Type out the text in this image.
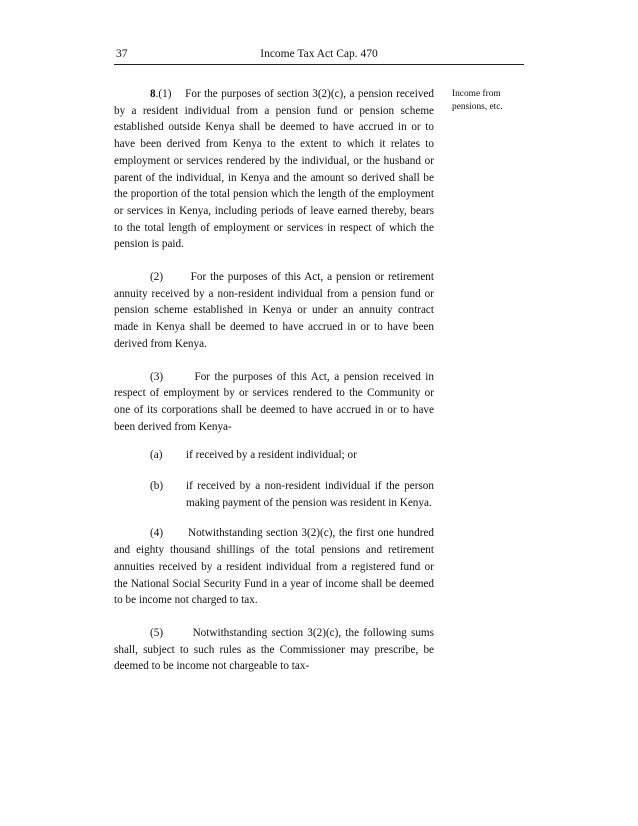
37	Income Tax Act Cap. 470
Income from pensions, etc.

8.(1) For the purposes of section 3(2)(c), a pension received by a resident individual from a pension fund or pension scheme established outside Kenya shall be deemed to have accrued in or to have been derived from Kenya to the extent to which it relates to employment or services rendered by the individual, or the husband or parent of the individual, in Kenya and the amount so derived shall be the proportion of the total pension which the length of the employment or services in Kenya, including periods of leave earned thereby, bears to the total length of employment or services in respect of which the pension is paid.

(2) For the purposes of this Act, a pension or retirement annuity received by a non-resident individual from a pension fund or pension scheme established in Kenya or under an annuity contract made in Kenya shall be deemed to have accrued in or to have been derived from Kenya.

(3)	For the purposes of this Act, a pension received in respect of employment by or services rendered to the Community or one of its corporations shall be deemed to have accrued in or to have been derived from Kenya-

(a) if received by a resident individual; or

(b) if received by a non-resident individual if the person making payment of the pension was resident in Kenya.

(4) Notwithstanding section 3(2)(c), the first one hundred and eighty thousand shillings of the total pensions and retirement annuities received by a resident individual from a registered fund or the National Social Security Fund in a year of income shall be deemed to be income not charged to tax.

(5)	Notwithstanding section 3(2)(c), the following sums shall, subject to such rules as the Commissioner may prescribe, be deemed to be income not chargeable to tax-
